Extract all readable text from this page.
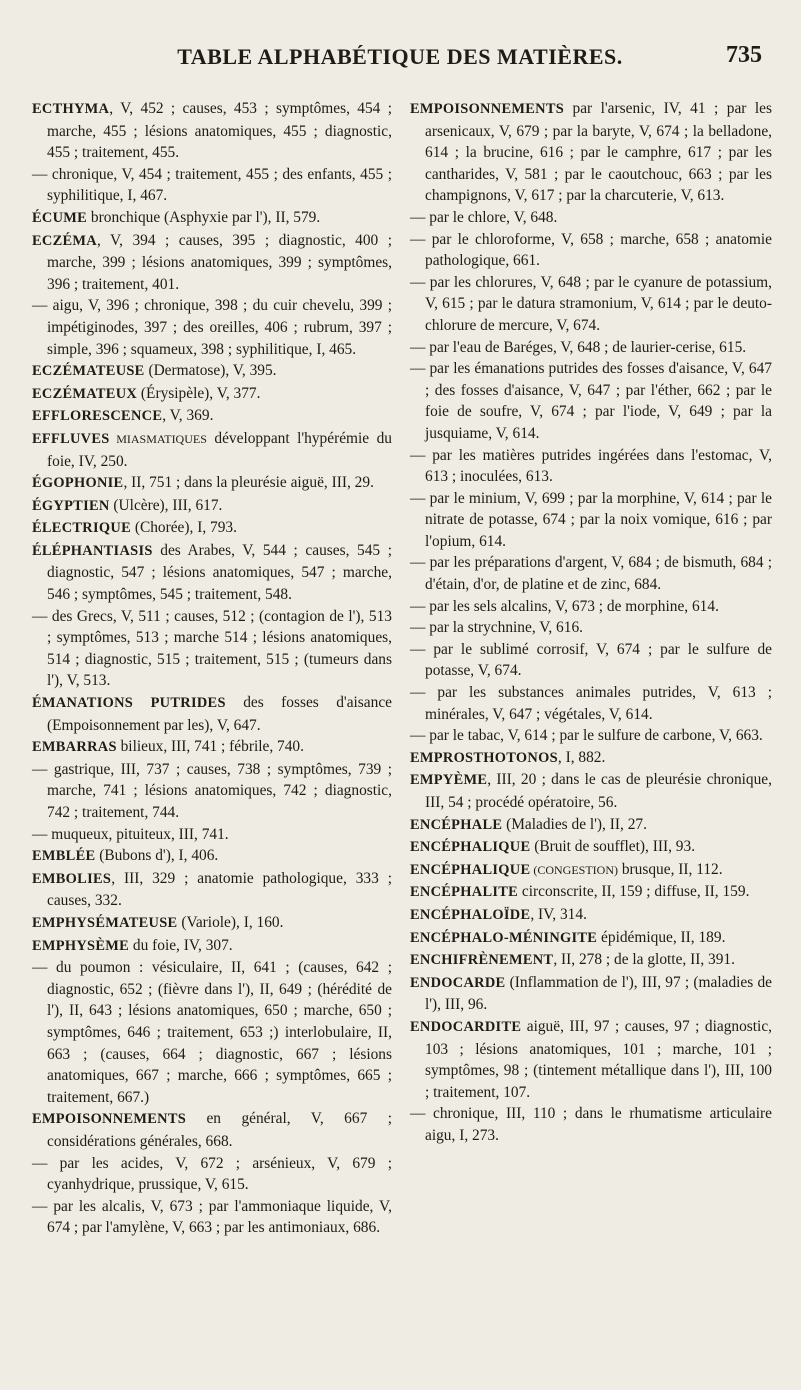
TABLE ALPHABÉTIQUE DES MATIÈRES.	735

ECTHYMA, V, 452 ; causes, 453 ; symptômes, 454 ; marche, 455 ; lésions anatomiques, 455 ; diagnostic, 455 ; traitement, 455.

— chronique, V, 454 ; traitement, 455 ; des enfants, 455 ; syphilitique, I, 467.

ÉCUME bronchique (Asphyxie par l'), II, 579.

ECZÉMA, V, 394 ; causes, 395 ; diagnostic, 400 ; marche, 399 ; lésions anatomiques, 399 ; symptômes, 396 ; traitement, 401.

— aigu, V, 396 ; chronique, 398 ; du cuir chevelu, 399 ; impétiginodes, 397 ; des oreilles, 406 ; rubrum, 397 ; simple, 396 ; squameux, 398 ; syphilitique, I, 465.

ECZÉMATEUSE (Dermatose), V, 395.

ECZÉMATEUX (Érysipèle), V, 377.

EFFLORESCENCE, V, 369.

EFFLUVES MIASMATIQUES développant l'hypérémie du foie, IV, 250.

ÉGOPHONIE, II, 751 ; dans la pleurésie aiguë, III, 29.

ÉGYPTIEN (Ulcère), III, 617.

ÉLECTRIQUE (Chorée), I, 793.

ÉLÉPHANTIASIS des Arabes, V, 544 ; causes, 545 ; diagnostic, 547 ; lésions anatomiques, 547 ; marche, 546 ; symptômes, 545 ; traitement, 548.

— des Grecs, V, 511 ; causes, 512 ; (contagion de l'), 513 ; symptômes, 513 ; marche 514 ; lésions anatomiques, 514 ; diagnostic, 515 ; traitement, 515 ; (tumeurs dans l'), V, 513.

ÉMANATIONS PUTRIDES des fosses d'aisance (Empoisonnement par les), V, 647.

EMBARRAS bilieux, III, 741 ; fébrile, 740.

— gastrique, III, 737 ; causes, 738 ; symptômes, 739 ; marche, 741 ; lésions anatomiques, 742 ; diagnostic, 742 ; traitement, 744.

— muqueux, pituiteux, III, 741.

EMBLÉE (Bubons d'), I, 406.

EMBOLIES, III, 329 ; anatomie pathologique, 333 ; causes, 332.

EMPHYSÉMATEUSE (Variole), I, 160.

EMPHYSÈME du foie, IV, 307.

— du poumon : vésiculaire, II, 641 ; (causes, 642 ; diagnostic, 652 ; (fièvre dans l'), II, 649 ; (hérédité de l'), II, 643 ; lésions anatomiques, 650 ; marche, 650 ; symptômes, 646 ; traitement, 653 ;) interlobulaire, II, 663 ; (causes, 664 ; diagnostic, 667 ; lésions anatomiques, 667 ; marche, 666 ; symptômes, 665 ; traitement, 667.)

EMPOISONNEMENTS en général, V, 667 ; considérations générales, 668.

— par les acides, V, 672 ; arsénieux, V, 679 ; cyanhydrique, prussique, V, 615.

— par les alcalis, V, 673 ; par l'ammoniaque liquide, V, 674 ; par l'amylène, V, 663 ; par les antimoniaux, 686.

EMPOISONNEMENTS par l'arsenic, IV, 41 ; par les arsenicaux, V, 679 ; par la baryte, V, 674 ; la belladone, 614 ; la brucine, 616 ; par le camphre, 617 ; par les cantharides, V, 581 ; par le caoutchouc, 663 ; par les champignons, V, 617 ; par la charcuterie, V, 613.

— par le chlore, V, 648.

— par le chloroforme, V, 658 ; marche, 658 ; anatomie pathologique, 661.

— par les chlorures, V, 648 ; par le cyanure de potassium, V, 615 ; par le datura stramonium, V, 614 ; par le deuto-chlorure de mercure, V, 674.

— par l'eau de Baréges, V, 648 ; de laurier-cerise, 615.

— par les émanations putrides des fosses d'aisance, V, 647 ; des fosses d'aisance, V, 647 ; par l'éther, 662 ; par le foie de soufre, V, 674 ; par l'iode, V, 649 ; par la jusquiame, V, 614.

— par les matières putrides ingérées dans l'estomac, V, 613 ; inoculées, 613.

— par le minium, V, 699 ; par la morphine, V, 614 ; par le nitrate de potasse, 674 ; par la noix vomique, 616 ; par l'opium, 614.

— par les préparations d'argent, V, 684 ; de bismuth, 684 ; d'étain, d'or, de platine et de zinc, 684.

— par les sels alcalins, V, 673 ; de morphine, 614.

— par la strychnine, V, 616.

— par le sublimé corrosif, V, 674 ; par le sulfure de potasse, V, 674.

— par les substances animales putrides, V, 613 ; minérales, V, 647 ; végétales, V, 614.

— par le tabac, V, 614 ; par le sulfure de carbone, V, 663.

EMPROSTHOTONOS, I, 882.

EMPYÈME, III, 20 ; dans le cas de pleurésie chronique, III, 54 ; procédé opératoire, 56.

ENCÉPHALE (Maladies de l'), II, 27.

ENCÉPHALIQUE (Bruit de soufflet), III, 93.

ENCÉPHALIQUE (CONGESTION) brusque, II, 112.

ENCÉPHALITE circonscrite, II, 159 ; diffuse, II, 159.

ENCÉPHALOÏDE, IV, 314.

ENCÉPHALO-MÉNINGITE épidémique, II, 189.

ENCHIFRÈNEMENT, II, 278 ; de la glotte, II, 391.

ENDOCARDE (Inflammation de l'), III, 97 ; (maladies de l'), III, 96.

ENDOCARDITE aiguë, III, 97 ; causes, 97 ; diagnostic, 103 ; lésions anatomiques, 101 ; marche, 101 ; symptômes, 98 ; (tintement métallique dans l'), III, 100 ; traitement, 107.

— chronique, III, 110 ; dans le rhumatisme articulaire aigu, I, 273.
